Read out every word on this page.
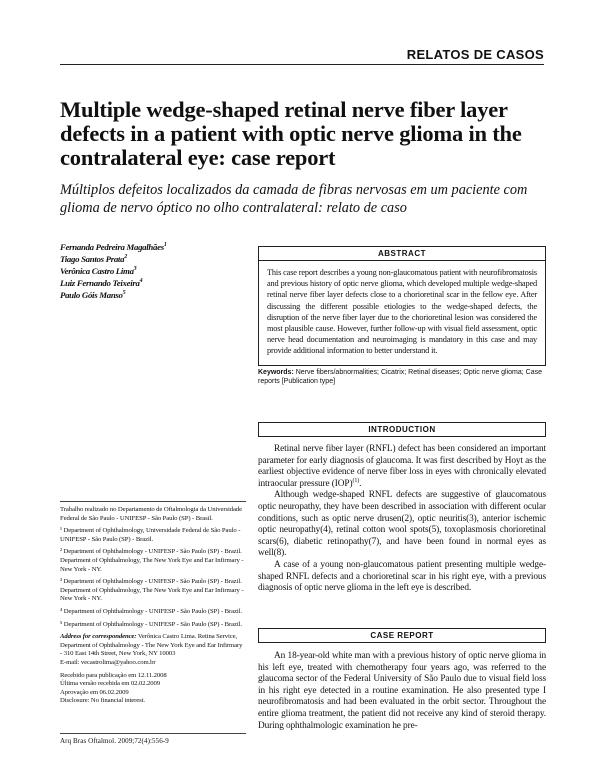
RELATOS DE CASOS
Multiple wedge-shaped retinal nerve fiber layer defects in a patient with optic nerve glioma in the contralateral eye: case report
Múltiplos defeitos localizados da camada de fibras nervosas em um paciente com glioma de nervo óptico no olho contralateral: relato de caso
Fernanda Pedreira Magalhães$^1$
Tiago Santos Prata$^2$
Verônica Castro Lima$^3$
Luiz Fernando Teixeira$^4$
Paulo Góis Manso$^5$
ABSTRACT
This case report describes a young non-glaucomatous patient with neurofibromatosis and previous history of optic nerve glioma, which developed multiple wedge-shaped retinal nerve fiber layer defects close to a chorioretinal scar in the fellow eye. After discussing the different possible etiologies to the wedge-shaped defects, the disruption of the nerve fiber layer due to the chorioretinal lesion was considered the most plausible cause. However, further follow-up with visual field assessment, optic nerve head documentation and neuroimaging is mandatory in this case and may provide additional information to better understand it.
Keywords: Nerve fibers/abnormalities; Cicatrix; Retinal diseases; Optic nerve glioma; Case reports [Publication type]
INTRODUCTION

Retinal nerve fiber layer (RNFL) defect has been considered an important parameter for early diagnosis of glaucoma. It was first described by Hoyt as the earliest objective evidence of nerve fiber loss in eyes with chronically elevated intraocular pressure (IOP)$^{(1)}$.

Although wedge-shaped RNFL defects are suggestive of glaucomatous optic neuropathy, they have been described in association with different ocular conditions, such as optic nerve drusen(2), optic neuritis(3), anterior ischemic optic neuropathy(4), retinal cotton wool spots(5), toxoplasmosis chorioretinal scars(6), diabetic retinopathy(7), and have been found in normal eyes as well(8).

A case of a young non-glaucomatous patient presenting multiple wedge-shaped RNFL defects and a chorioretinal scar in his right eye, with a previous diagnosis of optic nerve glioma in the left eye is described.

CASE REPORT

An 18-year-old white man with a previous history of optic nerve glioma in his left eye, treated with chemotherapy four years ago, was referred to the glaucoma sector of the Federal University of São Paulo due to visual field loss in his right eye detected in a routine examination. He also presented type I neurofibromatosis and had been evaluated in the orbit sector. Throughout the entire glioma treatment, the patient did not receive any kind of steroid therapy. During ophthalmologic examination he pre-

Trabalho realizado no Departamento de Oftalmologia da Universidade Federal de São Paulo - UNIFESP - São Paulo (SP) - Brasil.

¹ Department of Ophthalmology, Universidade Federal de São Paulo - UNIFESP - São Paulo (SP) - Brazil.

² Department of Ophthalmology - UNIFESP - São Paulo (SP) - Brazil. Department of Ophthalmology, The New York Eye and Ear Infirmary - New York - NY.

³ Department of Ophthalmology - UNIFESP - São Paulo (SP) - Brazil. Department of Ophthalmology, The New York Eye and Ear Infirmary - New York - NY.

⁴ Department of Ophthalmology - UNIFESP - São Paulo (SP) - Brazil.

⁵ Department of Ophthalmology - UNIFESP - São Paulo (SP) - Brazil.

Address for correspondence: Verônica Castro Lima. Retina Service, Department of Ophthalmology - The New York Eye and Ear Infirmary - 310 East 14th Street, New York, NY 10003

E-mail: vecastrolima@yahoo.com.br

Recebido para publicação em 12.11.2008

Última versão recebida em 02.02.2009

Aprovação em 06.02.2009

Disclosure: No financial interest.

Arq Bras Oftalmol. 2009;72(4):556-9
